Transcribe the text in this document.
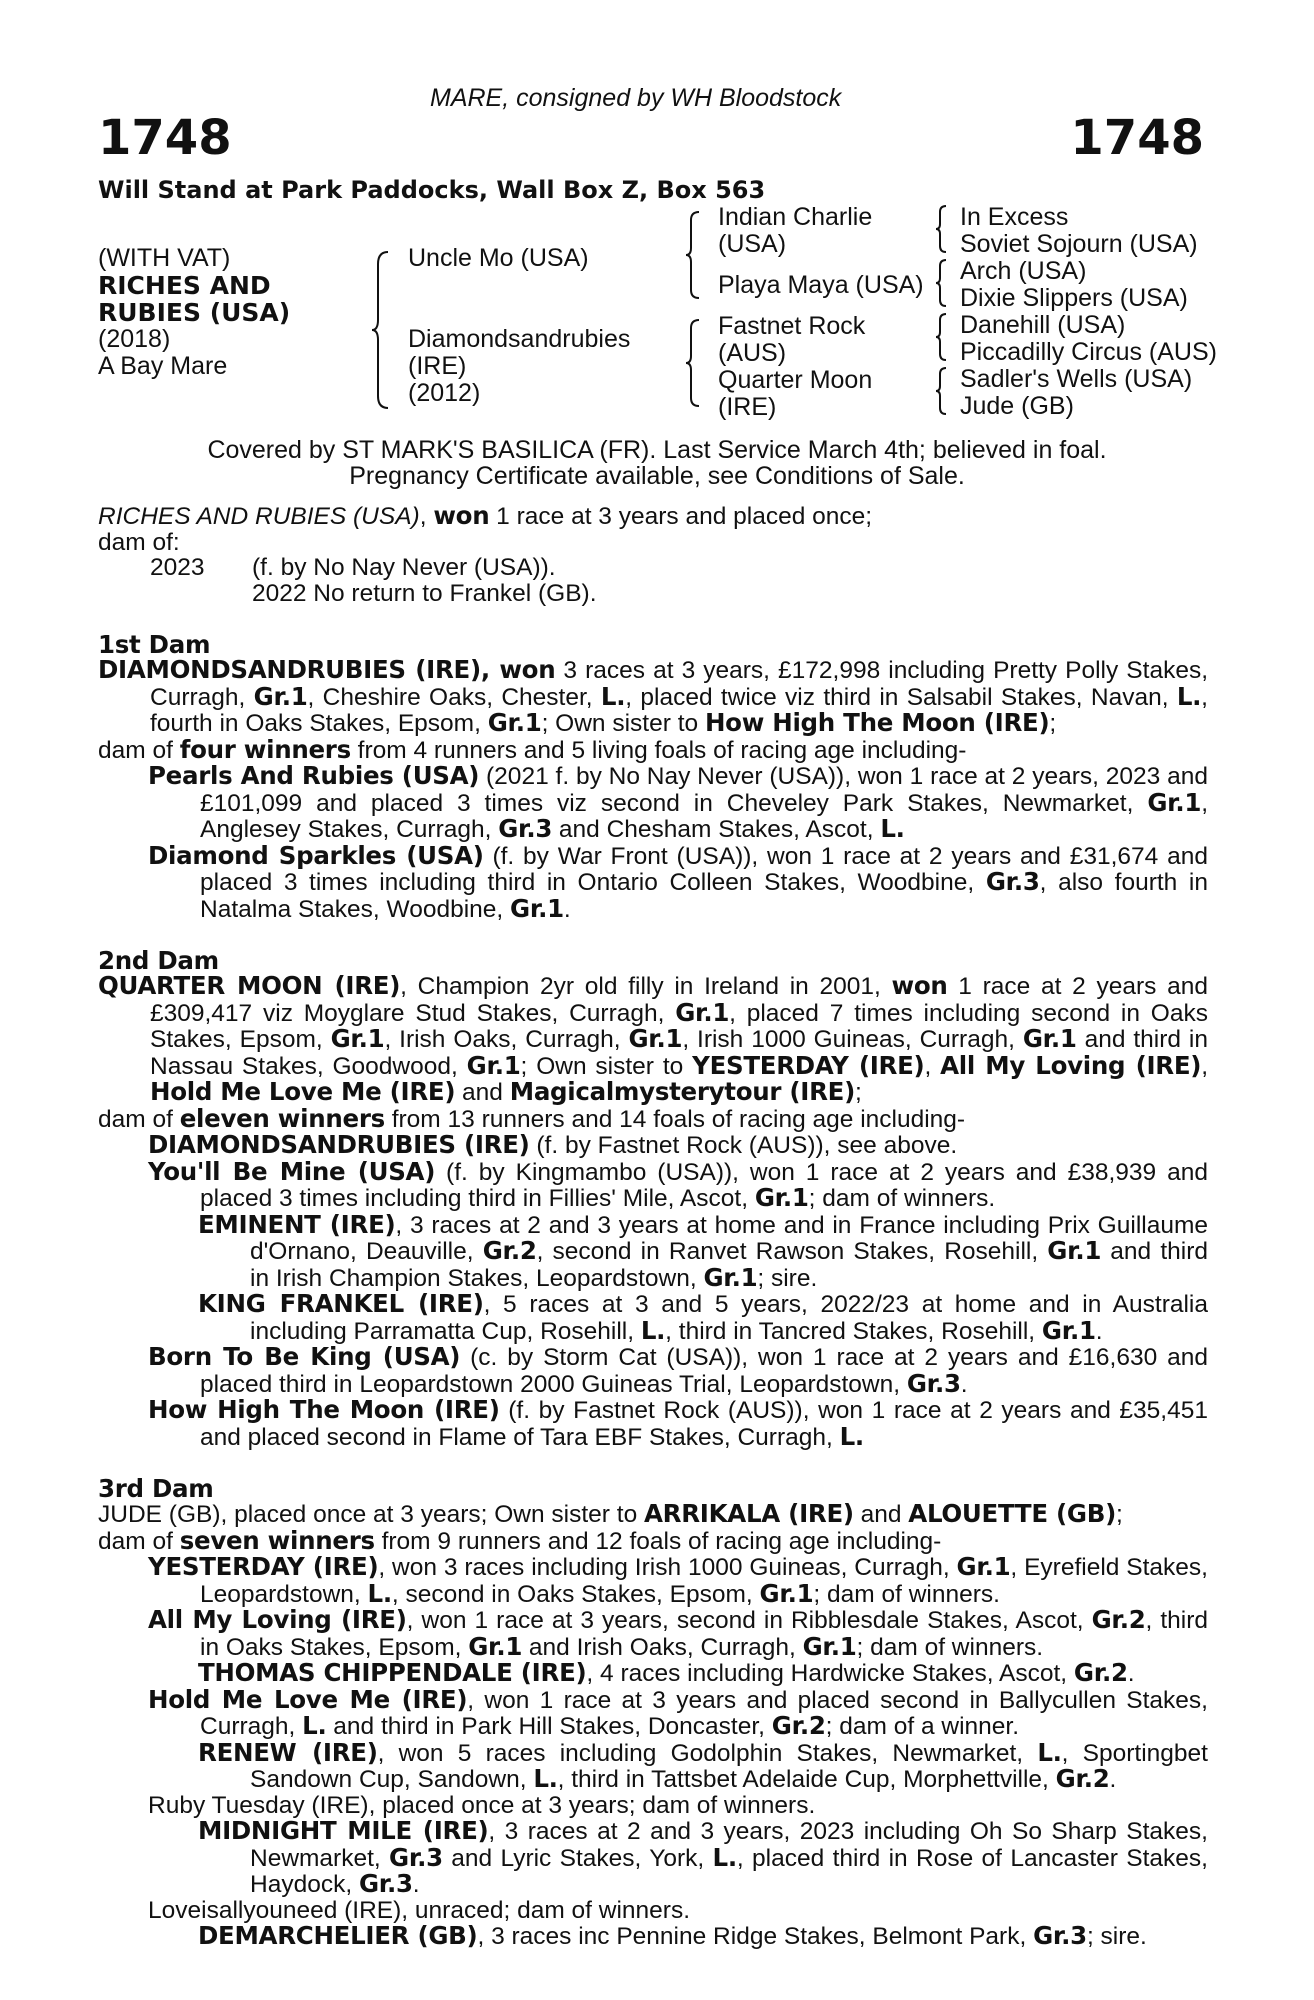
MARE, consigned by WH Bloodstock
1748	1748
Will Stand at Park Paddocks, Wall Box Z, Box 563
(WITH VAT)
RICHES AND
RUBIES (USA)
(2018)
A Bay Mare
Uncle Mo (USA)
Diamondsandrubies
(IRE)
(2012)
Indian Charlie
(USA)
Playa Maya (USA)
Fastnet Rock
(AUS)
Quarter Moon
(IRE)
In Excess
Soviet Sojourn (USA)
Arch (USA)
Dixie Slippers (USA)
Danehill (USA)
Piccadilly Circus (AUS)
Sadler's Wells (USA)
Jude (GB)
Covered by ST MARK'S BASILICA (FR). Last Service March 4th; believed in foal.
Pregnancy Certificate available, see Conditions of Sale.

RICHES AND RUBIES (USA), won 1 race at 3 years and placed once;

dam of:

2023 (f. by No Nay Never (USA)).

2022 No return to Frankel (GB).

1st Dam

DIAMONDSANDRUBIES (IRE), won 3 races at 3 years, £172,998 including Pretty Polly Stakes, Curragh, Gr.1, Cheshire Oaks, Chester, L., placed twice viz third in Salsabil Stakes, Navan, L., fourth in Oaks Stakes, Epsom, Gr.1; Own sister to How High The Moon (IRE);

dam of four winners from 4 runners and 5 living foals of racing age including-

Pearls And Rubies (USA) (2021 f. by No Nay Never (USA)), won 1 race at 2 years, 2023 and £101,099 and placed 3 times viz second in Cheveley Park Stakes, Newmarket, Gr.1, Anglesey Stakes, Curragh, Gr.3 and Chesham Stakes, Ascot, L.

Diamond Sparkles (USA) (f. by War Front (USA)), won 1 race at 2 years and £31,674 and placed 3 times including third in Ontario Colleen Stakes, Woodbine, Gr.3, also fourth in Natalma Stakes, Woodbine, Gr.1.

2nd Dam

QUARTER MOON (IRE), Champion 2yr old filly in Ireland in 2001, won 1 race at 2 years and £309,417 viz Moyglare Stud Stakes, Curragh, Gr.1, placed 7 times including second in Oaks Stakes, Epsom, Gr.1, Irish Oaks, Curragh, Gr.1, Irish 1000 Guineas, Curragh, Gr.1 and third in Nassau Stakes, Goodwood, Gr.1; Own sister to YESTERDAY (IRE), All My Loving (IRE), Hold Me Love Me (IRE) and Magicalmysterytour (IRE);

dam of eleven winners from 13 runners and 14 foals of racing age including-

DIAMONDSANDRUBIES (IRE) (f. by Fastnet Rock (AUS)), see above.

You'll Be Mine (USA) (f. by Kingmambo (USA)), won 1 race at 2 years and £38,939 and placed 3 times including third in Fillies' Mile, Ascot, Gr.1; dam of winners.

EMINENT (IRE), 3 races at 2 and 3 years at home and in France including Prix Guillaume d'Ornano, Deauville, Gr.2, second in Ranvet Rawson Stakes, Rosehill, Gr.1 and third in Irish Champion Stakes, Leopardstown, Gr.1; sire.

KING FRANKEL (IRE), 5 races at 3 and 5 years, 2022/23 at home and in Australia including Parramatta Cup, Rosehill, L., third in Tancred Stakes, Rosehill, Gr.1.

Born To Be King (USA) (c. by Storm Cat (USA)), won 1 race at 2 years and £16,630 and placed third in Leopardstown 2000 Guineas Trial, Leopardstown, Gr.3.

How High The Moon (IRE) (f. by Fastnet Rock (AUS)), won 1 race at 2 years and £35,451 and placed second in Flame of Tara EBF Stakes, Curragh, L.

3rd Dam

JUDE (GB), placed once at 3 years; Own sister to ARRIKALA (IRE) and ALOUETTE (GB);

dam of seven winners from 9 runners and 12 foals of racing age including-

YESTERDAY (IRE), won 3 races including Irish 1000 Guineas, Curragh, Gr.1, Eyrefield Stakes, Leopardstown, L., second in Oaks Stakes, Epsom, Gr.1; dam of winners.

All My Loving (IRE), won 1 race at 3 years, second in Ribblesdale Stakes, Ascot, Gr.2, third in Oaks Stakes, Epsom, Gr.1 and Irish Oaks, Curragh, Gr.1; dam of winners.

THOMAS CHIPPENDALE (IRE), 4 races including Hardwicke Stakes, Ascot, Gr.2.

Hold Me Love Me (IRE), won 1 race at 3 years and placed second in Ballycullen Stakes, Curragh, L. and third in Park Hill Stakes, Doncaster, Gr.2; dam of a winner.

RENEW (IRE), won 5 races including Godolphin Stakes, Newmarket, L., Sportingbet Sandown Cup, Sandown, L., third in Tattsbet Adelaide Cup, Morphettville, Gr.2.

Ruby Tuesday (IRE), placed once at 3 years; dam of winners.

MIDNIGHT MILE (IRE), 3 races at 2 and 3 years, 2023 including Oh So Sharp Stakes, Newmarket, Gr.3 and Lyric Stakes, York, L., placed third in Rose of Lancaster Stakes, Haydock, Gr.3.

Loveisallyouneed (IRE), unraced; dam of winners.

DEMARCHELIER (GB), 3 races inc Pennine Ridge Stakes, Belmont Park, Gr.3; sire.
